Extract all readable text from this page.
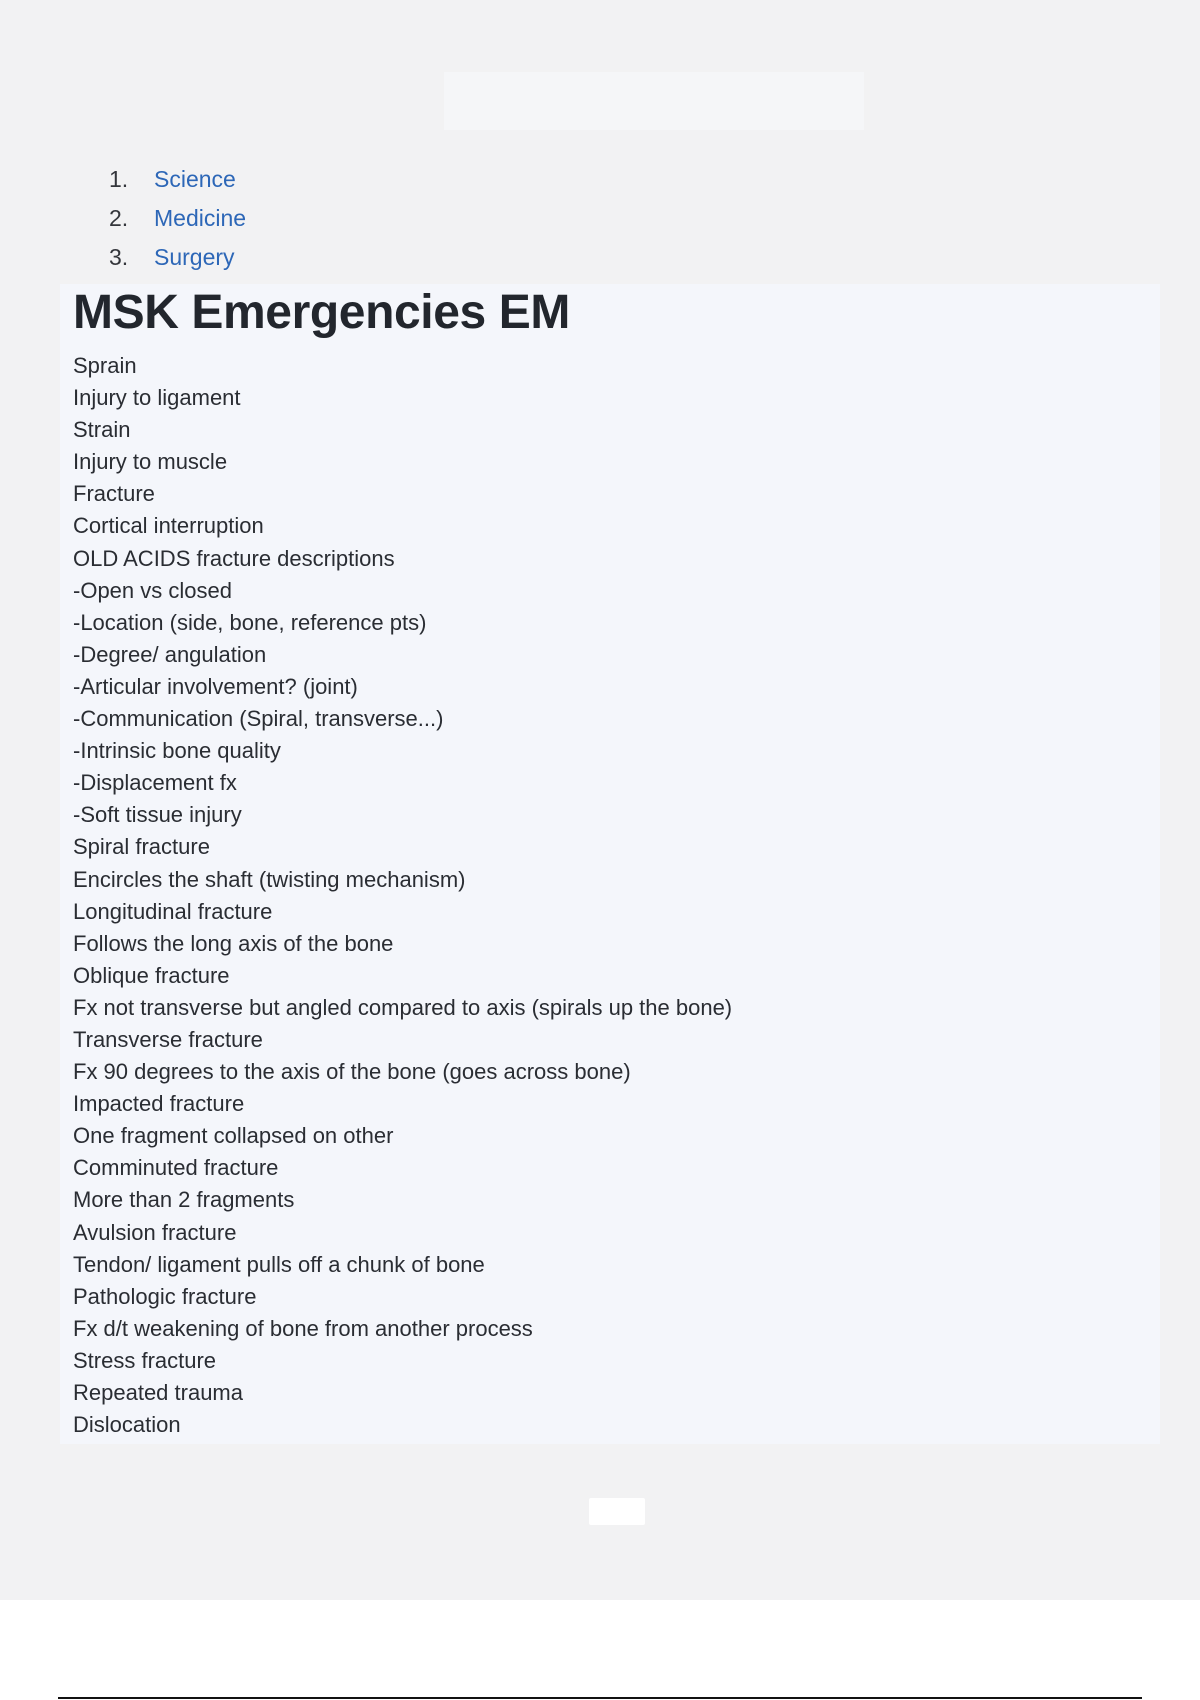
1.	Science
2.	Medicine
3.	Surgery
MSK Emergencies EM
Sprain
Injury to ligament
Strain
Injury to muscle
Fracture
Cortical interruption
OLD ACIDS fracture descriptions
-Open vs closed
-Location (side, bone, reference pts)
-Degree/ angulation
-Articular involvement? (joint)
-Communication (Spiral, transverse...)
-Intrinsic bone quality
-Displacement fx
-Soft tissue injury
Spiral fracture
Encircles the shaft (twisting mechanism)
Longitudinal fracture
Follows the long axis of the bone
Oblique fracture
Fx not transverse but angled compared to axis (spirals up the bone)
Transverse fracture
Fx 90 degrees to the axis of the bone (goes across bone)
Impacted fracture
One fragment collapsed on other
Comminuted fracture
More than 2 fragments
Avulsion fracture
Tendon/ ligament pulls off a chunk of bone
Pathologic fracture
Fx d/t weakening of bone from another process
Stress fracture
Repeated trauma
Dislocation
